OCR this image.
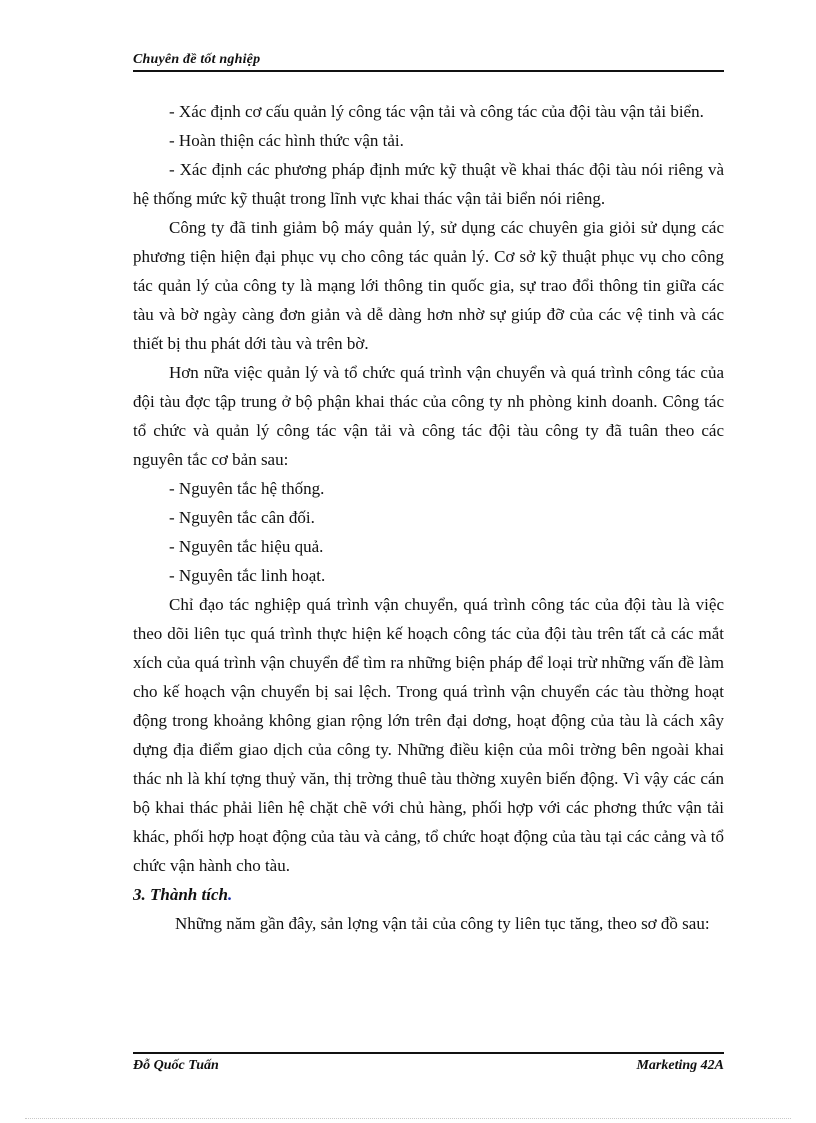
Chuyên đề tốt nghiệp

- Xác định cơ cấu quản lý công tác vận tải và công tác của đội tàu vận tải biển.

- Hoàn thiện các hình thức vận tải.

- Xác định các phương pháp định mức kỹ thuật về khai thác đội tàu nói riêng và hệ thống mức kỹ thuật trong lĩnh vực khai thác vận tải biển nói riêng.

Công ty đã tinh giảm bộ máy quản lý, sử dụng các chuyên gia giỏi sử dụng các phương tiện hiện đại phục vụ cho công tác quản lý. Cơ sở kỹ thuật phục vụ cho công tác quản lý của công ty là mạng lới thông tin quốc gia, sự trao đổi thông tin giữa các tàu và bờ ngày càng đơn giản và dễ dàng hơn nhờ sự giúp đỡ của các vệ tinh và các thiết bị thu phát dới tàu và trên bờ.

Hơn nữa việc quản lý và tổ chức quá trình vận chuyển và quá trình công tác của đội tàu đợc tập trung ở bộ phận khai thác của công ty nh phòng kinh doanh. Công tác tổ chức và quản lý công tác vận tải và công tác đội tàu công ty đã tuân theo các nguyên tắc cơ bản sau:

- Nguyên tắc hệ thống.

- Nguyên tắc cân đối.

- Nguyên tắc hiệu quả.

- Nguyên tắc linh hoạt.

Chỉ đạo tác nghiệp quá trình vận chuyển, quá trình công tác của đội tàu là việc theo dõi liên tục quá trình thực hiện kế hoạch công tác của đội tàu trên tất cả các mắt xích của quá trình vận chuyển để tìm ra những biện pháp để loại trừ những vấn đề làm cho kế hoạch vận chuyển bị sai lệch. Trong quá trình vận chuyển các tàu thờng hoạt động trong khoảng không gian rộng lớn trên đại dơng, hoạt động của tàu là cách xây dựng địa điểm giao dịch của công ty. Những điều kiện của môi trờng bên ngoài khai thác nh là khí tợng thuỷ văn, thị trờng thuê tàu thờng xuyên biến động. Vì vậy các cán bộ khai thác phải liên hệ chặt chẽ với chủ hàng, phối hợp với các phơng thức vận tải khác, phối hợp hoạt động của tàu và cảng, tổ chức hoạt động của tàu tại các cảng và tổ chức vận hành cho tàu.

3. Thành tích.

Những năm gần đây, sản lợng vận tải của công ty liên tục tăng, theo sơ đồ sau:

Đỗ Quốc Tuấn	Marketing 42A
